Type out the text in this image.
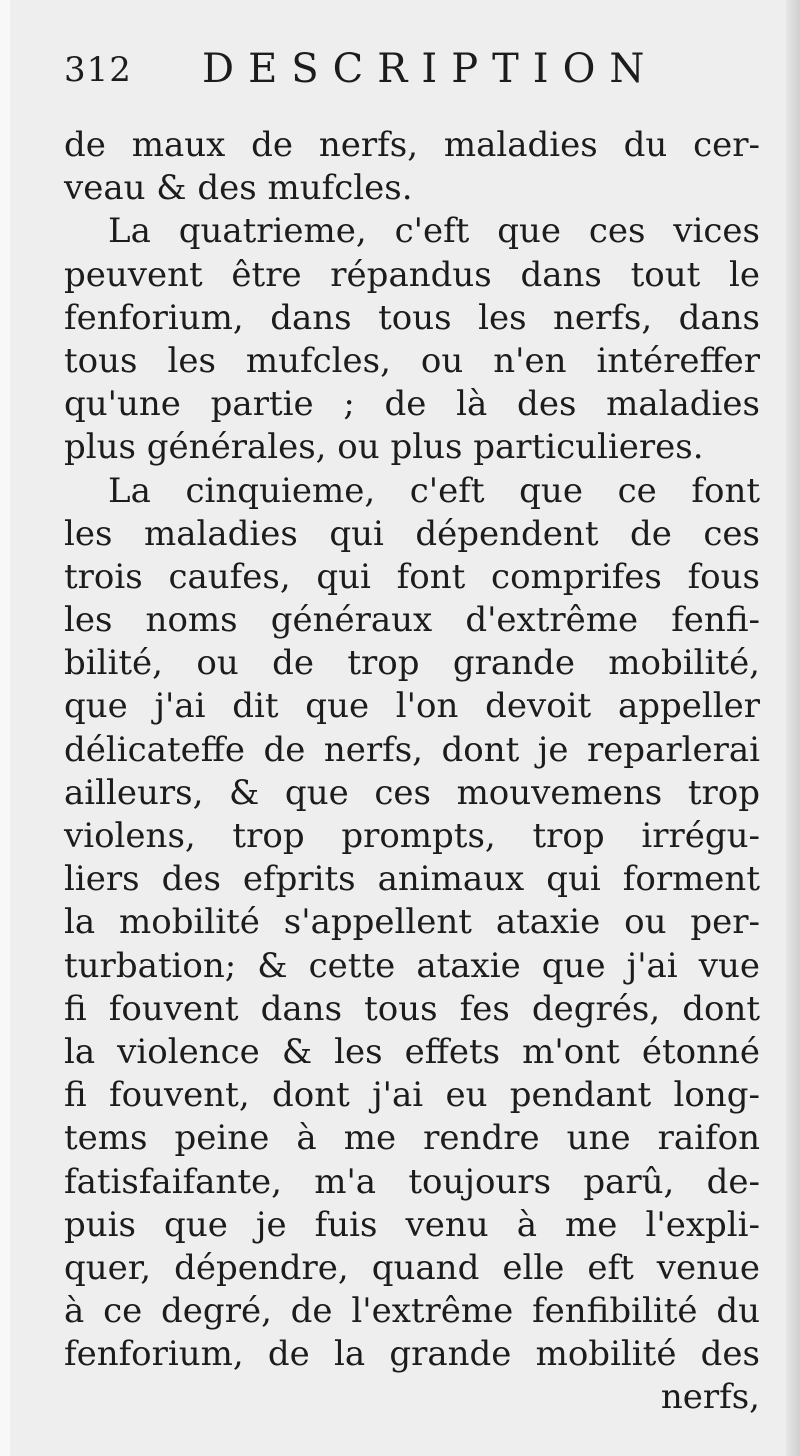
312 DESCRIPTION
de maux de nerfs, maladies du cer-
veau & des mufcles.
La quatrieme, c'eft que ces vices
peuvent être répandus dans tout le
fenforium, dans tous les nerfs, dans
tous les mufcles, ou n'en intéreffer
qu'une partie ; de là des maladies
plus générales, ou plus particulieres.
La cinquieme, c'eft que ce font
les maladies qui dépendent de ces
trois caufes, qui font comprifes fous
les noms généraux d'extrême fenfi-
bilité, ou de trop grande mobilité,
que j'ai dit que l'on devoit appeller
délicateffe de nerfs, dont je reparlerai
ailleurs, & que ces mouvemens trop
violens, trop prompts, trop irrégu-
liers des efprits animaux qui forment
la mobilité s'appellent ataxie ou per-
turbation; & cette ataxie que j'ai vue
fi fouvent dans tous fes degrés, dont
la violence & les effets m'ont étonné
fi fouvent, dont j'ai eu pendant long-
tems peine à me rendre une raifon
fatisfaifante, m'a toujours parû, de-
puis que je fuis venu à me l'expli-
quer, dépendre, quand elle eft venue
à ce degré, de l'extrême fenfibilité du
fenforium, de la grande mobilité des
nerfs,
